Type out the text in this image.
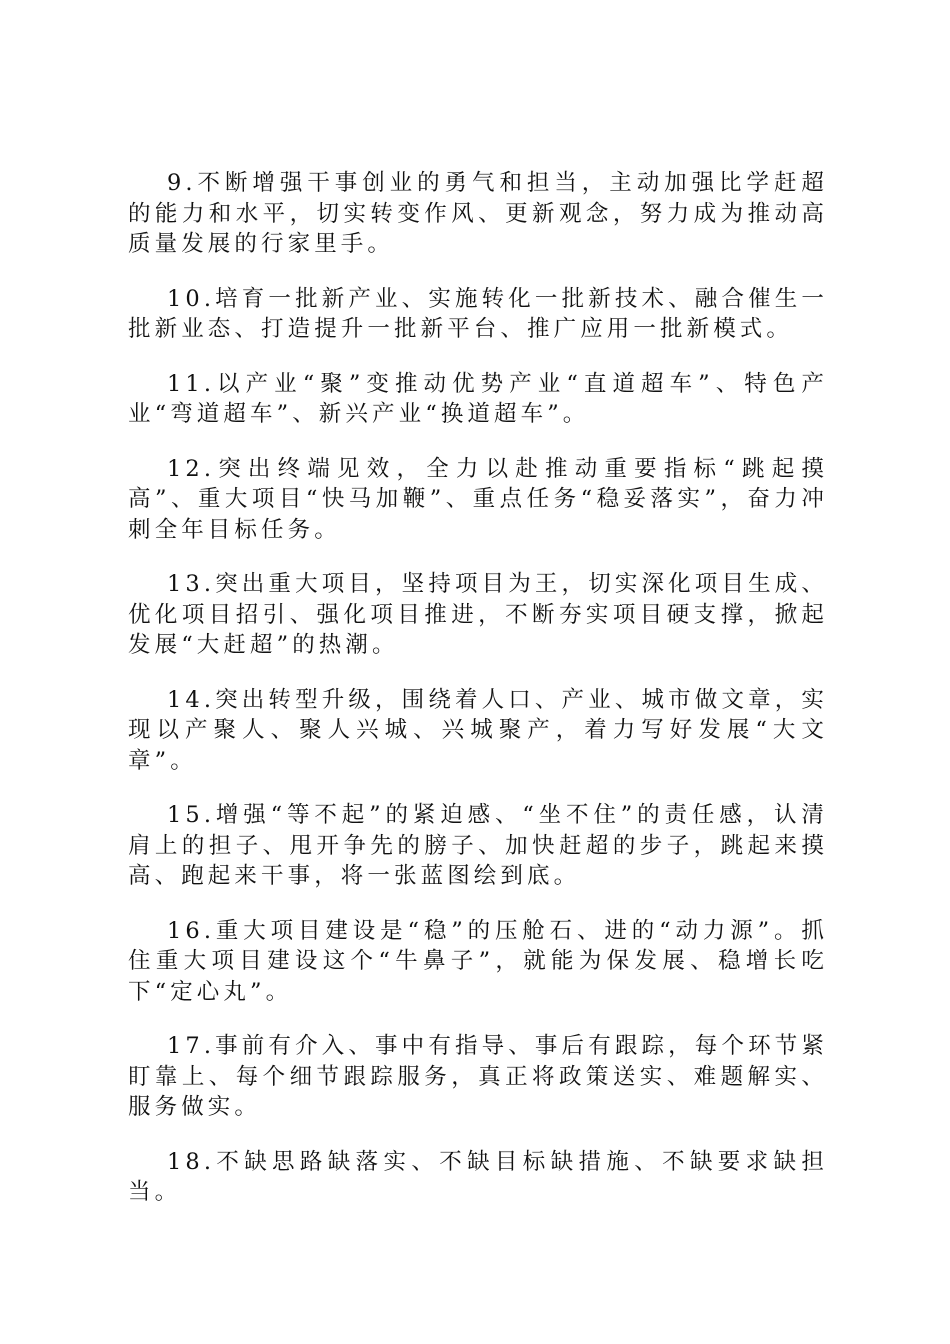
9.不断增强干事创业的勇气和担当，主动加强比学赶超的能力和水平，切实转变作风、更新观念，努力成为推动高质量发展的行家里手。

10.培育一批新产业、实施转化一批新技术、融合催生一批新业态、打造提升一批新平台、推广应用一批新模式。

11.以产业“聚”变推动优势产业“直道超车”、特色产业“弯道超车”、新兴产业“换道超车”。

12.突出终端见效，全力以赴推动重要指标“跳起摸高”、重大项目“快马加鞭”、重点任务“稳妥落实”，奋力冲刺全年目标任务。

13.突出重大项目，坚持项目为王，切实深化项目生成、优化项目招引、强化项目推进，不断夯实项目硬支撑，掀起发展“大赶超”的热潮。

14.突出转型升级，围绕着人口、产业、城市做文章，实现以产聚人、聚人兴城、兴城聚产，着力写好发展“大文章”。

15.增强“等不起”的紧迫感、“坐不住”的责任感，认清肩上的担子、甩开争先的膀子、加快赶超的步子，跳起来摸高、跑起来干事，将一张蓝图绘到底。

16.重大项目建设是“稳”的压舱石、进的“动力源”。抓住重大项目建设这个“牛鼻子”，就能为保发展、稳增长吃下“定心丸”。

17.事前有介入、事中有指导、事后有跟踪，每个环节紧盯靠上、每个细节跟踪服务，真正将政策送实、难题解实、服务做实。

18.不缺思路缺落实、不缺目标缺措施、不缺要求缺担当。
